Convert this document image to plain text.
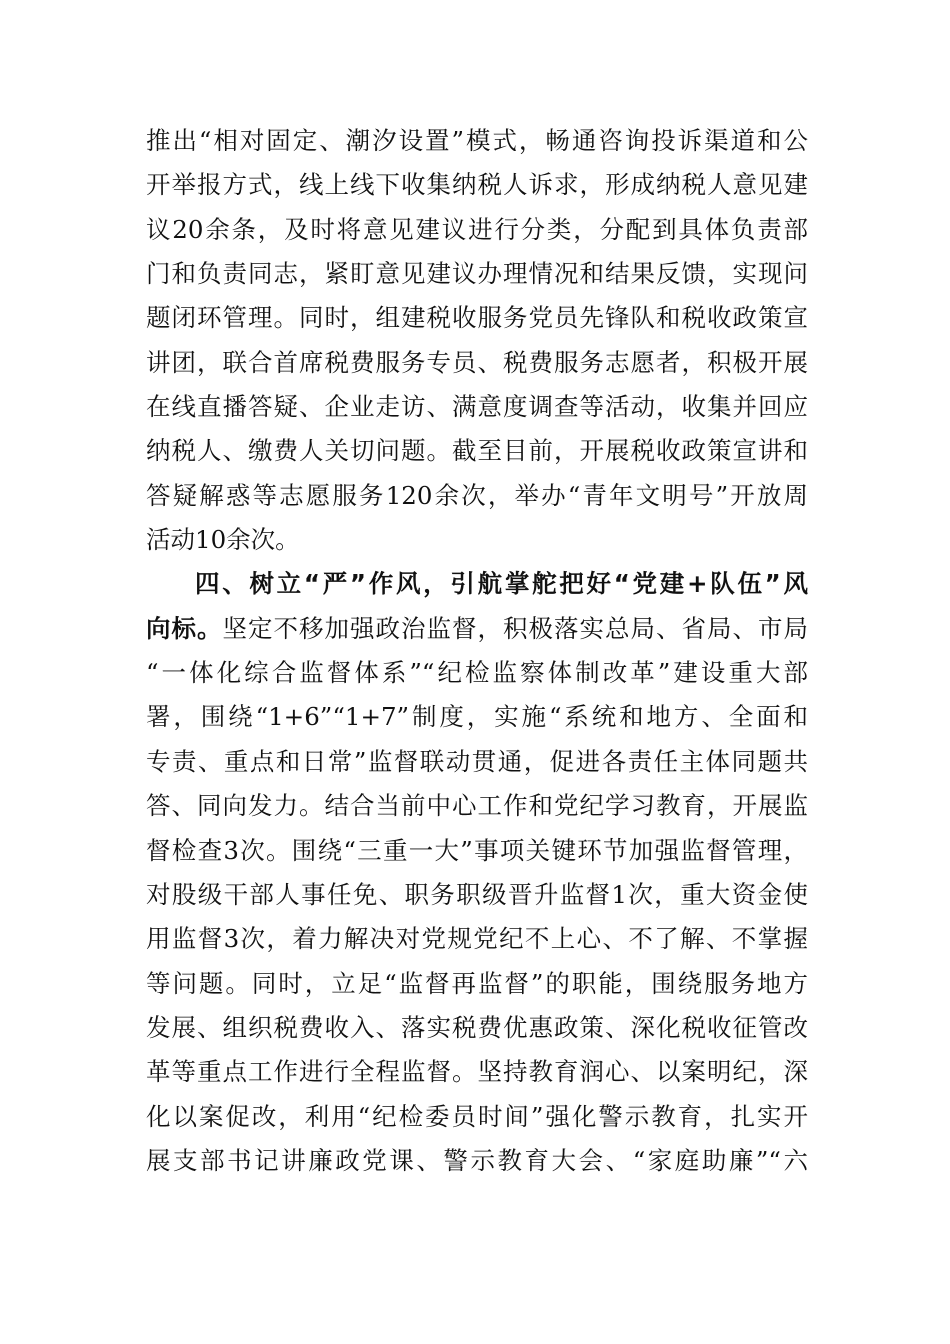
推出“相对固定、潮汐设置”模式，畅通咨询投诉渠道和公
开举报方式，线上线下收集纳税人诉求，形成纳税人意见建
议20余条，及时将意见建议进行分类，分配到具体负责部
门和负责同志，紧盯意见建议办理情况和结果反馈，实现问
题闭环管理。同时，组建税收服务党员先锋队和税收政策宣
讲团，联合首席税费服务专员、税费服务志愿者，积极开展
在线直播答疑、企业走访、满意度调查等活动，收集并回应
纳税人、缴费人关切问题。截至目前，开展税收政策宣讲和
答疑解惑等志愿服务120余次，举办“青年文明号”开放周
活动10余次。
四、树立“严”作风，引航掌舵把好“党建+队伍”风
向标。坚定不移加强政治监督，积极落实总局、省局、市局
“一体化综合监督体系”“纪检监察体制改革”建设重大部
署，围绕“1+6”“1+7”制度，实施“系统和地方、全面和
专责、重点和日常”监督联动贯通，促进各责任主体同题共
答、同向发力。结合当前中心工作和党纪学习教育，开展监
督检查3次。围绕“三重一大”事项关键环节加强监督管理，
对股级干部人事任免、职务职级晋升监督1次，重大资金使
用监督3次，着力解决对党规党纪不上心、不了解、不掌握
等问题。同时，立足“监督再监督”的职能，围绕服务地方
发展、组织税费收入、落实税费优惠政策、深化税收征管改
革等重点工作进行全程监督。坚持教育润心、以案明纪，深
化以案促改，利用“纪检委员时间”强化警示教育，扎实开
展支部书记讲廉政党课、警示教育大会、“家庭助廉”“六
